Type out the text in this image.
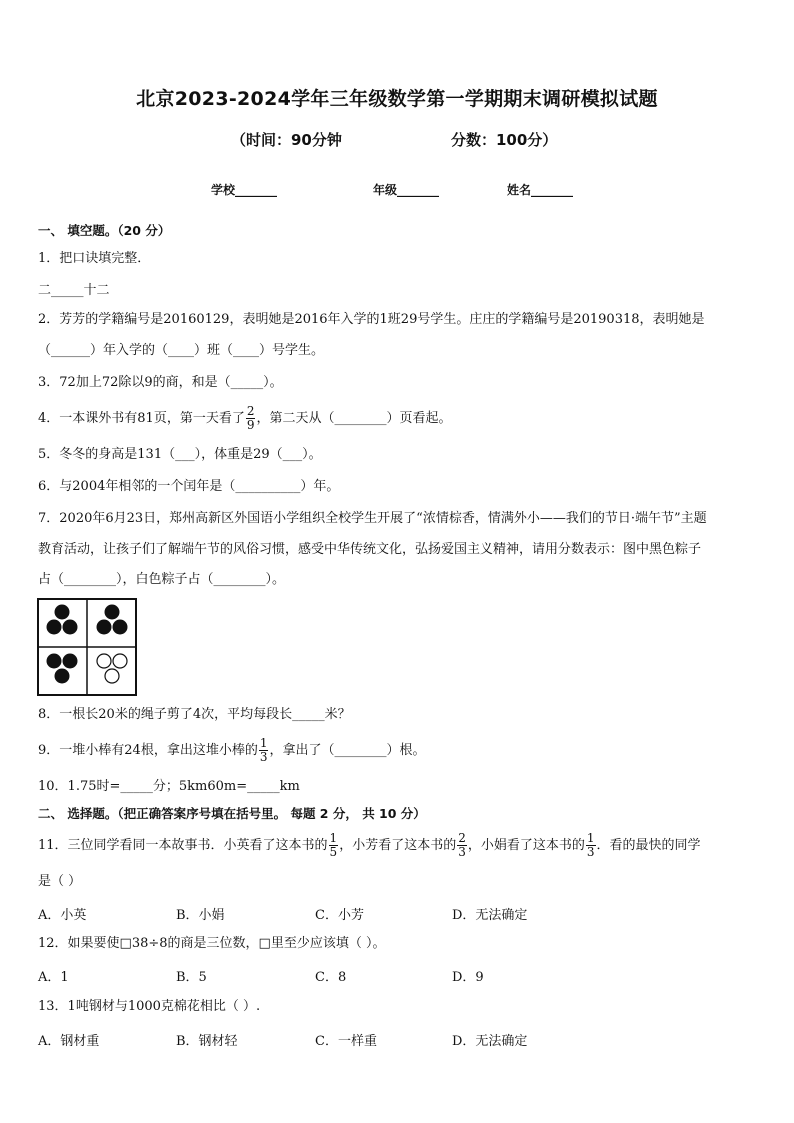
北京2023-2024学年三年级数学第一学期期末调研模拟试题
（时间：90分钟	分数：100分）
学校_______	年级_______	姓名_______
一、 填空题。（20 分）
1．把口诀填完整．
二_____十二
2．芳芳的学籍编号是20160129，表明她是2016年入学的1班29号学生。庄庄的学籍编号是20190318，表明她是
（______）年入学的（____）班（____）号学生。
3．72加上72除以9的商，和是（_____）。
4．一本课外书有81页，第一天看了 $\frac{2}{9}$ ，第二天从（________）页看起。
5．冬冬的身高是131（___），体重是29（___）。
6．与2004年相邻的一个闰年是（__________）年。
7．2020年6月23日，郑州高新区外国语小学组织全校学生开展了“浓情棕香，情满外小——我们的节日·端午节”主题
教育活动，让孩子们了解端午节的风俗习惯，感受中华传统文化，弘扬爱国主义精神，请用分数表示：图中黑色粽子
占（________），白色粽子占（________）。
8．一根长20米的绳子剪了4次，平均每段长_____米？
9．一堆小棒有24根，拿出这堆小棒的 $\frac{1}{3}$ ，拿出了（________）根。
10．1.75时=_____分；5km60m=_____km
二、 选择题。（把正确答案序号填在括号里。 每题 2 分， 共 10 分）
11．三位同学看同一本故事书．小英看了这本书的 $\frac{1}{5}$ ，小芳看了这本书的 $\frac{2}{3}$ ，小娟看了这本书的 $\frac{1}{3}$ ．看的最快的同学
是（ ）
A．小英	B．小娟	C．小芳	D．无法确定
12．如果要使□38÷8的商是三位数，□里至少应该填（ ）。
A．1	B．5	C．8	D．9
13．1吨钢材与1000克棉花相比（ ）.
A．钢材重	B．钢材轻	C．一样重	D．无法确定
